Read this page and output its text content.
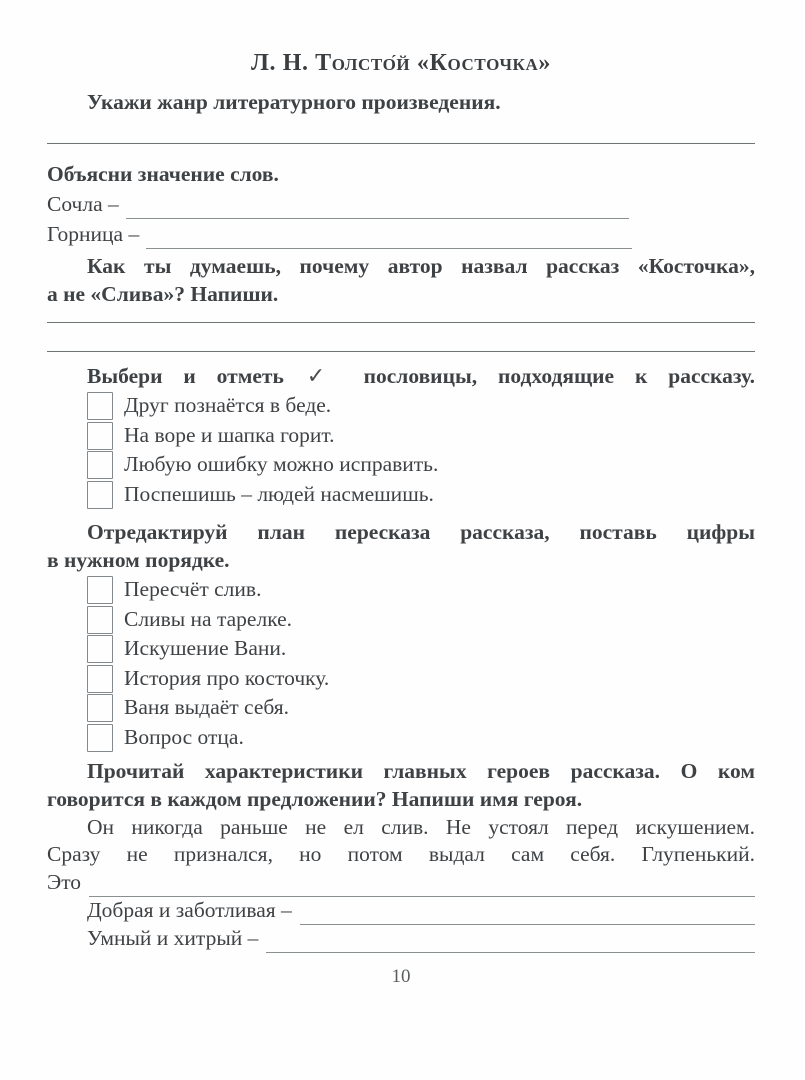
Л. Н. Толсто́й «Косточка»

Укажи жанр литературного произведения.

Объясни значение слов.

Сочла –
Горница –

Как ты думаешь, почему автор назвал рассказ «Косточка»,

а не «Слива»? Напиши.

Выбери и отметь ✓ пословицы, подходящие к рассказу.

Друг познаётся в беде.
На воре и шапка горит.
Любую ошибку можно исправить.
Поспешишь – людей насмешишь.

Отредактируй план пересказа рассказа, поставь цифры

в нужном порядке.

Пересчёт слив.
Сливы на тарелке.
Искушение Вани.
История про косточку.
Ваня выдаёт себя.
Вопрос отца.

Прочитай характеристики главных героев рассказа. О ком

говорится в каждом предложении? Напиши имя героя.

Он никогда раньше не ел слив. Не устоял перед искушением.

Сразу не признался, но потом выдал сам себя. Глупенький.

Это
Добрая и заботливая –
Умный и хитрый –
10
